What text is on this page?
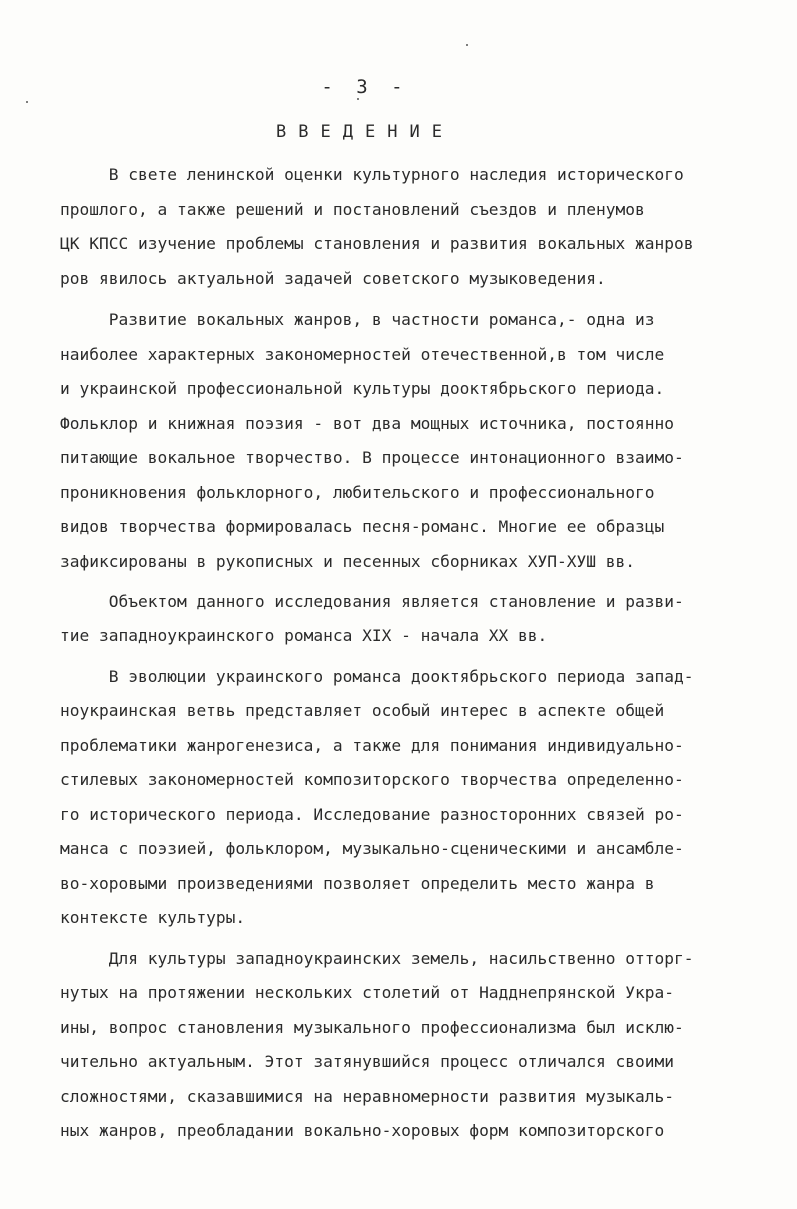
- 3 -
ВВЕДЕНИЕ
В свете ленинской оценки культурного наследия исторического
прошлого, а также решений и постановлений съездов и пленумов
ЦК КПСС изучение проблемы становления и развития вокальных жанров
ров явилось актуальной задачей советского музыковедения.
Развитие вокальных жанров, в частности романса,- одна из
наиболее характерных закономерностей отечественной,в том числе
и украинской профессиональной культуры дооктябрьского периода.
Фольклор и книжная поэзия - вот два мощных источника, постоянно
питающие вокальное творчество. В процессе интонационного взаимо-
проникновения фольклорного, любительского и профессионального
видов творчества формировалась песня-романс. Многие ее образцы
зафиксированы в рукописных и песенных сборниках ХУП-ХУШ вв.
Объектом данного исследования является становление и разви-
тие западноукраинского романса XIX - начала XX вв.
В эволюции украинского романса дооктябрьского периода запад-
ноукраинская ветвь представляет особый интерес в аспекте общей
проблематики жанрогенезиса, а также для понимания индивидуально-
стилевых закономерностей композиторского творчества определенно-
го исторического периода. Исследование разносторонних связей ро-
манса с поэзией, фольклором, музыкально-сценическими и ансамбле-
во-хоровыми произведениями позволяет определить место жанра в
контексте культуры.
Для культуры западноукраинских земель, насильственно отторг-
нутых на протяжении нескольких столетий от Надднепрянской Укра-
ины, вопрос становления музыкального профессионализма был исклю-
чительно актуальным. Этот затянувшийся процесс отличался своими
сложностями, сказавшимися на неравномерности развития музыкаль-
ных жанров, преобладании вокально-хоровых форм композиторского
